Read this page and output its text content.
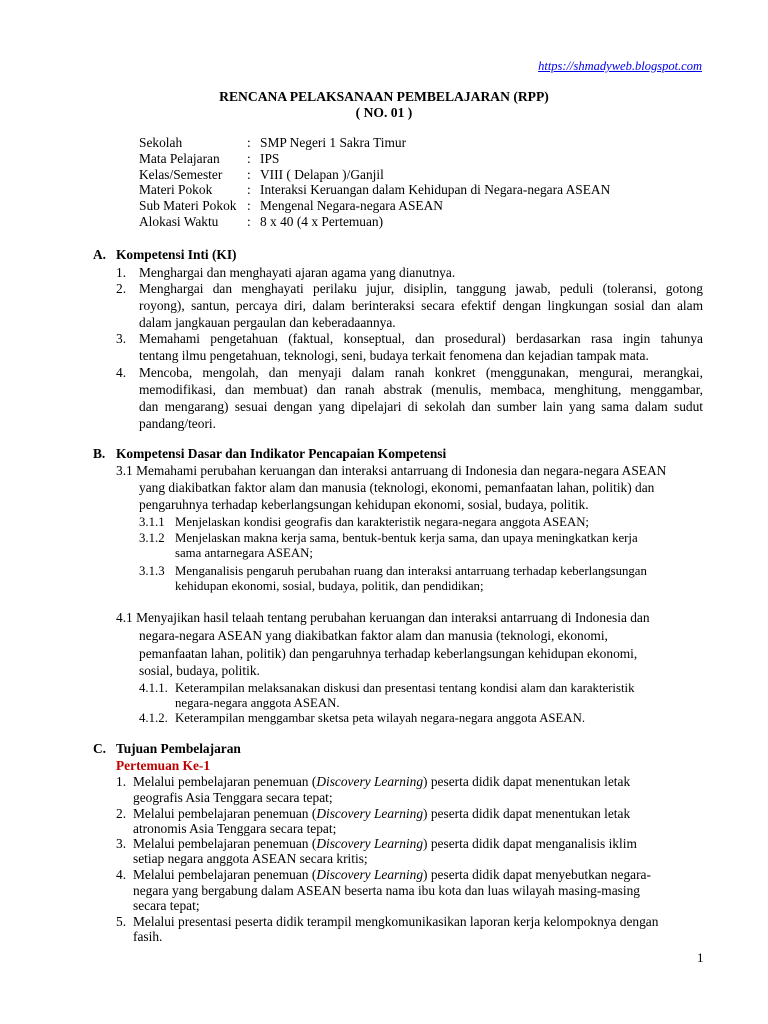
https://shmadyweb.blogspot.com
RENCANA PELAKSANAAN PEMBELAJARAN (RPP)
( NO. 01 )
Sekolah	:	SMP Negeri 1 Sakra Timur
Mata Pelajaran	:	IPS
Kelas/Semester	:	VIII ( Delapan )/Ganjil
Materi Pokok	:	Interaksi Keruangan dalam Kehidupan di Negara-negara ASEAN
Sub Materi Pokok	:	Mengenal Negara-negara ASEAN
Alokasi Waktu	:	8 x 40 (4 x Pertemuan)
A. Kompetensi Inti (KI)
1. Menghargai dan menghayati ajaran agama yang dianutnya.
2. Menghargai dan menghayati perilaku jujur, disiplin, tanggung jawab, peduli (toleransi, gotong
royong), santun, percaya diri, dalam berinteraksi secara efektif dengan lingkungan sosial dan alam
dalam jangkauan pergaulan dan keberadaannya.
3. Memahami pengetahuan (faktual, konseptual, dan prosedural) berdasarkan rasa ingin tahunya
tentang ilmu pengetahuan, teknologi, seni, budaya terkait fenomena dan kejadian tampak mata.
4. Mencoba, mengolah, dan menyaji dalam ranah konkret (menggunakan, mengurai, merangkai,
memodifikasi, dan membuat) dan ranah abstrak (menulis, membaca, menghitung, menggambar,
dan mengarang) sesuai dengan yang dipelajari di sekolah dan sumber lain yang sama dalam sudut
pandang/teori.
B. Kompetensi Dasar dan Indikator Pencapaian Kompetensi
3.1 Memahami perubahan keruangan dan interaksi antarruang di Indonesia dan negara-negara ASEAN
yang diakibatkan faktor alam dan manusia (teknologi, ekonomi, pemanfaatan lahan, politik) dan
pengaruhnya terhadap keberlangsungan kehidupan ekonomi, sosial, budaya, politik.
3.1.1 Menjelaskan kondisi geografis dan karakteristik negara-negara anggota ASEAN;
3.1.2 Menjelaskan makna kerja sama, bentuk-bentuk kerja sama, dan upaya meningkatkan kerja
sama antarnegara ASEAN;
3.1.3 Menganalisis pengaruh perubahan ruang dan interaksi antarruang terhadap keberlangsungan
kehidupan ekonomi, sosial, budaya, politik, dan pendidikan;
4.1 Menyajikan hasil telaah tentang perubahan keruangan dan interaksi antarruang di Indonesia dan
negara-negara ASEAN yang diakibatkan faktor alam dan manusia (teknologi, ekonomi,
pemanfaatan lahan, politik) dan pengaruhnya terhadap keberlangsungan kehidupan ekonomi,
sosial, budaya, politik.
4.1.1. Keterampilan melaksanakan diskusi dan presentasi tentang kondisi alam dan karakteristik
negara-negara anggota ASEAN.
4.1.2. Keterampilan menggambar sketsa peta wilayah negara-negara anggota ASEAN.
C. Tujuan Pembelajaran
Pertemuan Ke-1
1. Melalui pembelajaran penemuan (Discovery Learning) peserta didik dapat menentukan letak
geografis Asia Tenggara secara tepat;
2. Melalui pembelajaran penemuan (Discovery Learning) peserta didik dapat menentukan letak
atronomis Asia Tenggara secara tepat;
3. Melalui pembelajaran penemuan (Discovery Learning) peserta didik dapat menganalisis iklim
setiap negara anggota ASEAN secara kritis;
4. Melalui pembelajaran penemuan (Discovery Learning) peserta didik dapat menyebutkan negara-
negara yang bergabung dalam ASEAN beserta nama ibu kota dan luas wilayah masing-masing
secara tepat;
5. Melalui presentasi peserta didik terampil mengkomunikasikan laporan kerja kelompoknya dengan
fasih.
1
